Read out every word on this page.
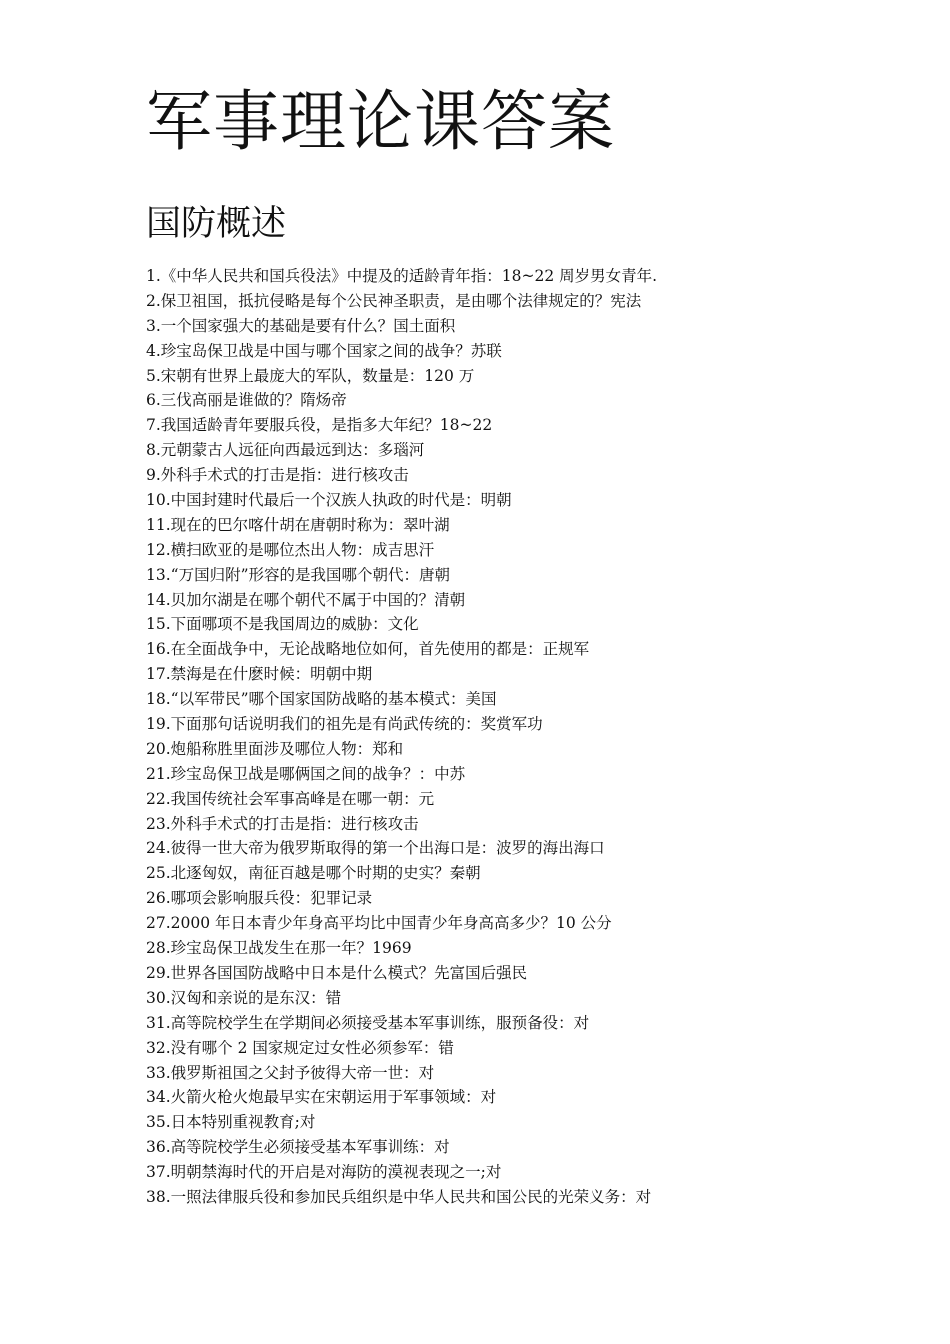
军事理论课答案
国防概述
1.《中华人民共和国兵役法》中提及的适龄青年指：18~22 周岁男女青年.
2.保卫祖国，抵抗侵略是每个公民神圣职责，是由哪个法律规定的？宪法
3.一个国家强大的基础是要有什么？国土面积
4.珍宝岛保卫战是中国与哪个国家之间的战争？苏联
5.宋朝有世界上最庞大的军队，数量是：120 万
6.三伐高丽是谁做的？隋炀帝
7.我国适龄青年要服兵役，是指多大年纪？18~22
8.元朝蒙古人远征向西最远到达：多瑙河
9.外科手术式的打击是指：进行核攻击
10.中国封建时代最后一个汉族人执政的时代是：明朝
11.现在的巴尔喀什胡在唐朝时称为：翠叶湖
12.横扫欧亚的是哪位杰出人物：成吉思汗
13.“万国归附”形容的是我国哪个朝代：唐朝
14.贝加尔湖是在哪个朝代不属于中国的？清朝
15.下面哪项不是我国周边的威胁：文化
16.在全面战争中，无论战略地位如何，首先使用的都是：正规军
17.禁海是在什麽时候：明朝中期
18.“以军带民”哪个国家国防战略的基本模式：美国
19.下面那句话说明我们的祖先是有尚武传统的：奖赏军功
20.炮船称胜里面涉及哪位人物：郑和
21.珍宝岛保卫战是哪俩国之间的战争？：中苏
22.我国传统社会军事高峰是在哪一朝：元
23.外科手术式的打击是指：进行核攻击
24.彼得一世大帝为俄罗斯取得的第一个出海口是：波罗的海出海口
25.北逐匈奴，南征百越是哪个时期的史实？秦朝
26.哪项会影响服兵役：犯罪记录
27.2000 年日本青少年身高平均比中国青少年身高高多少？10 公分
28.珍宝岛保卫战发生在那一年？1969
29.世界各国国防战略中日本是什么模式？先富国后强民
30.汉匈和亲说的是东汉：错
31.高等院校学生在学期间必须接受基本军事训练，服预备役：对
32.没有哪个 2 国家规定过女性必须参军：错
33.俄罗斯祖国之父封予彼得大帝一世：对
34.火箭火枪火炮最早实在宋朝运用于军事领域：对
35.日本特别重视教育;对
36.高等院校学生必须接受基本军事训练：对
37.明朝禁海时代的开启是对海防的漠视表现之一;对
38.一照法律服兵役和参加民兵组织是中华人民共和国公民的光荣义务：对
